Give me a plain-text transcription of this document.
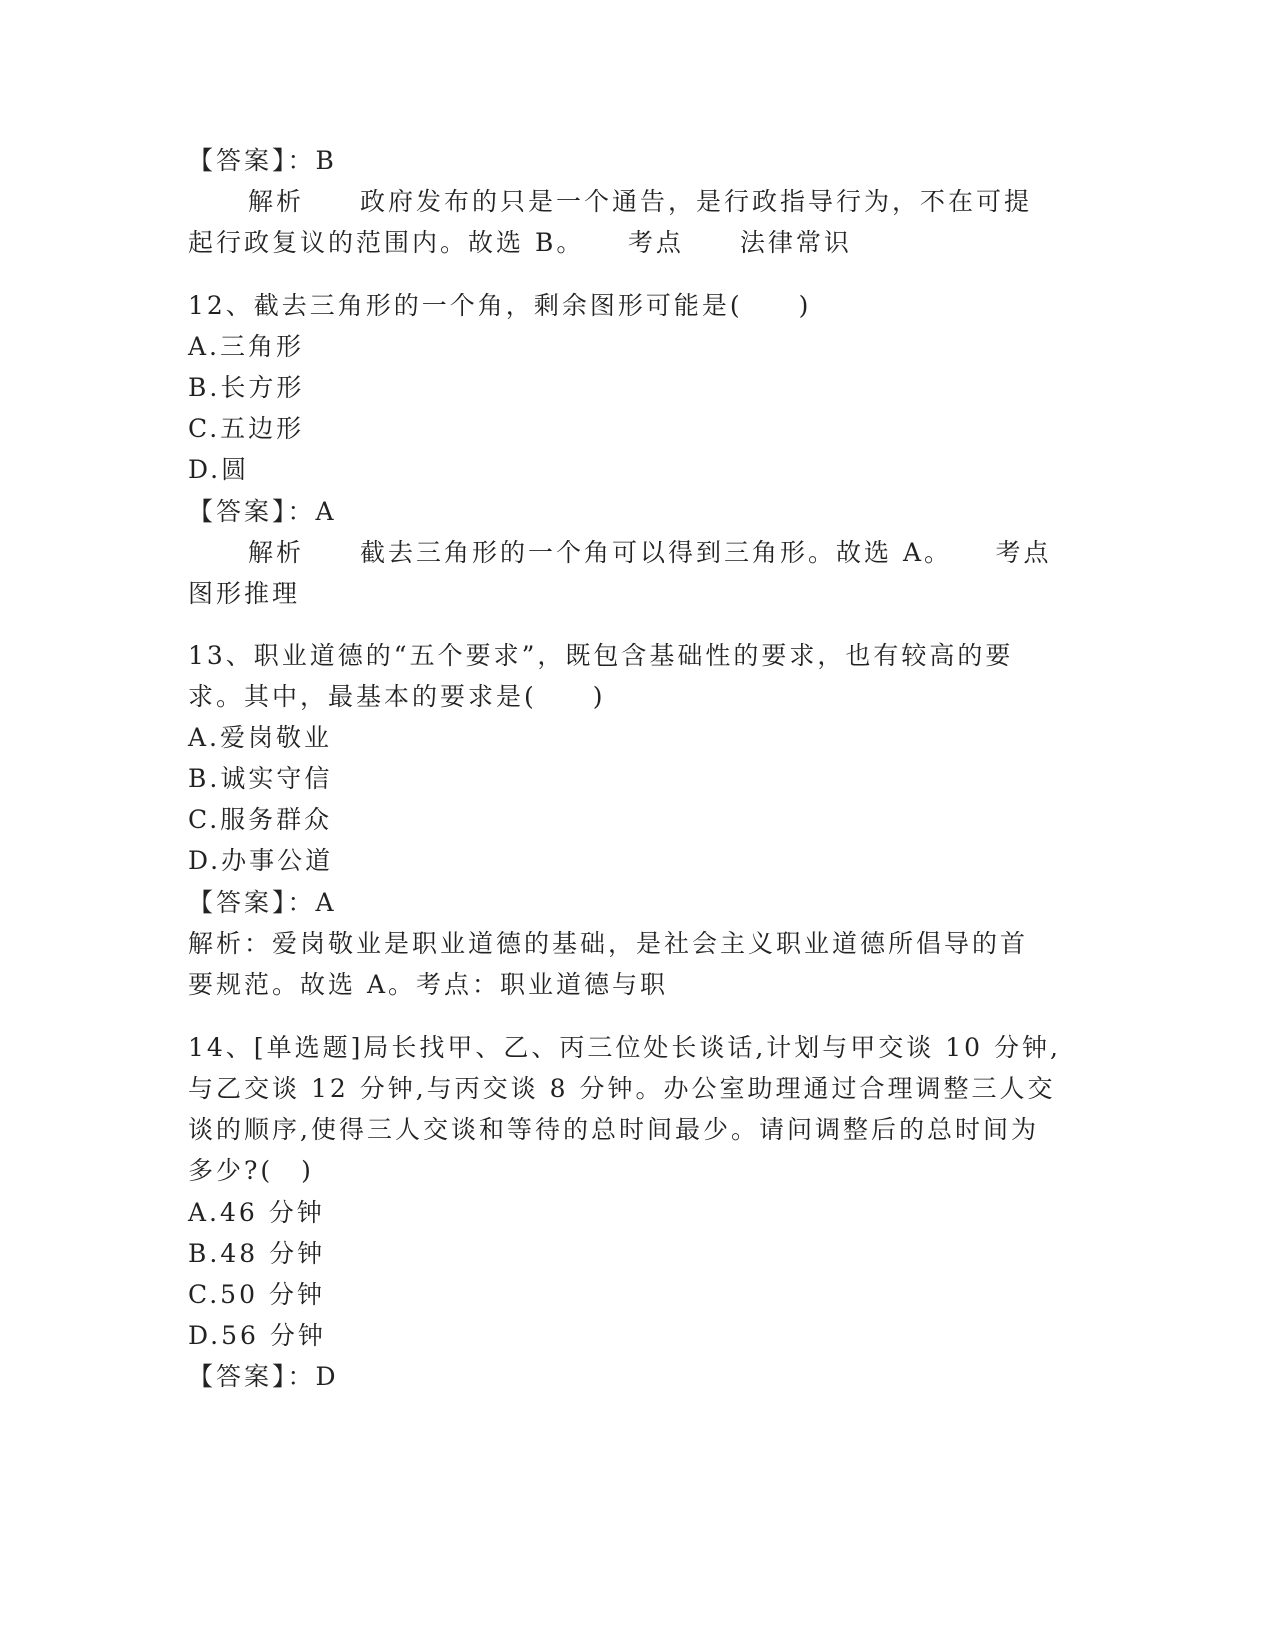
【答案】：B
解析　　政府发布的只是一个通告，是行政指导行为，不在可提
起行政复议的范围内。故选 B。　　考点　　法律常识
12、截去三角形的一个角，剩余图形可能是(　　)
A.三角形
B.长方形
C.五边形
D.圆
【答案】：A
解析　　截去三角形的一个角可以得到三角形。故选 A。　　考点
图形推理
13、职业道德的“五个要求”，既包含基础性的要求，也有较高的要
求。其中，最基本的要求是(　　)
A.爱岗敬业
B.诚实守信
C.服务群众
D.办事公道
【答案】：A
解析：爱岗敬业是职业道德的基础，是社会主义职业道德所倡导的首
要规范。故选 A。考点：职业道德与职
14、[单选题]局长找甲、乙、丙三位处长谈话,计划与甲交谈 10 分钟,
与乙交谈 12 分钟,与丙交谈 8 分钟。办公室助理通过合理调整三人交
谈的顺序,使得三人交谈和等待的总时间最少。请问调整后的总时间为
多少?(　)
A.46 分钟
B.48 分钟
C.50 分钟
D.56 分钟
【答案】：D
